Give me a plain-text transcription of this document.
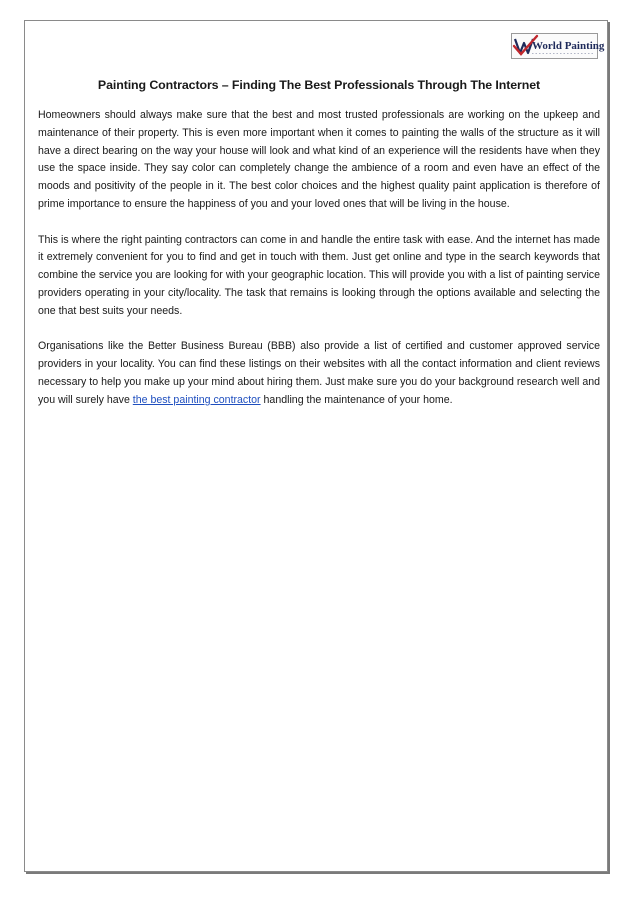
World Painting
Painting Contractors – Finding The Best Professionals Through The Internet

Homeowners should always make sure that the best and most trusted professionals are working on the upkeep and maintenance of their property. This is even more important when it comes to painting the walls of the structure as it will have a direct bearing on the way your house will look and what kind of an experience will the residents have when they use the space inside. They say color can completely change the ambience of a room and even have an effect of the moods and positivity of the people in it. The best color choices and the highest quality paint application is therefore of prime importance to ensure the happiness of you and your loved ones that will be living in the house.

This is where the right painting contractors can come in and handle the entire task with ease. And the internet has made it extremely convenient for you to find and get in touch with them. Just get online and type in the search keywords that combine the service you are looking for with your geographic location. This will provide you with a list of painting service providers operating in your city/locality. The task that remains is looking through the options available and selecting the one that best suits your needs.

Organisations like the Better Business Bureau (BBB) also provide a list of certified and customer approved service providers in your locality. You can find these listings on their websites with all the contact information and client reviews necessary to help you make up your mind about hiring them. Just make sure you do your background research well and you will surely have the best painting contractor handling the maintenance of your home.
